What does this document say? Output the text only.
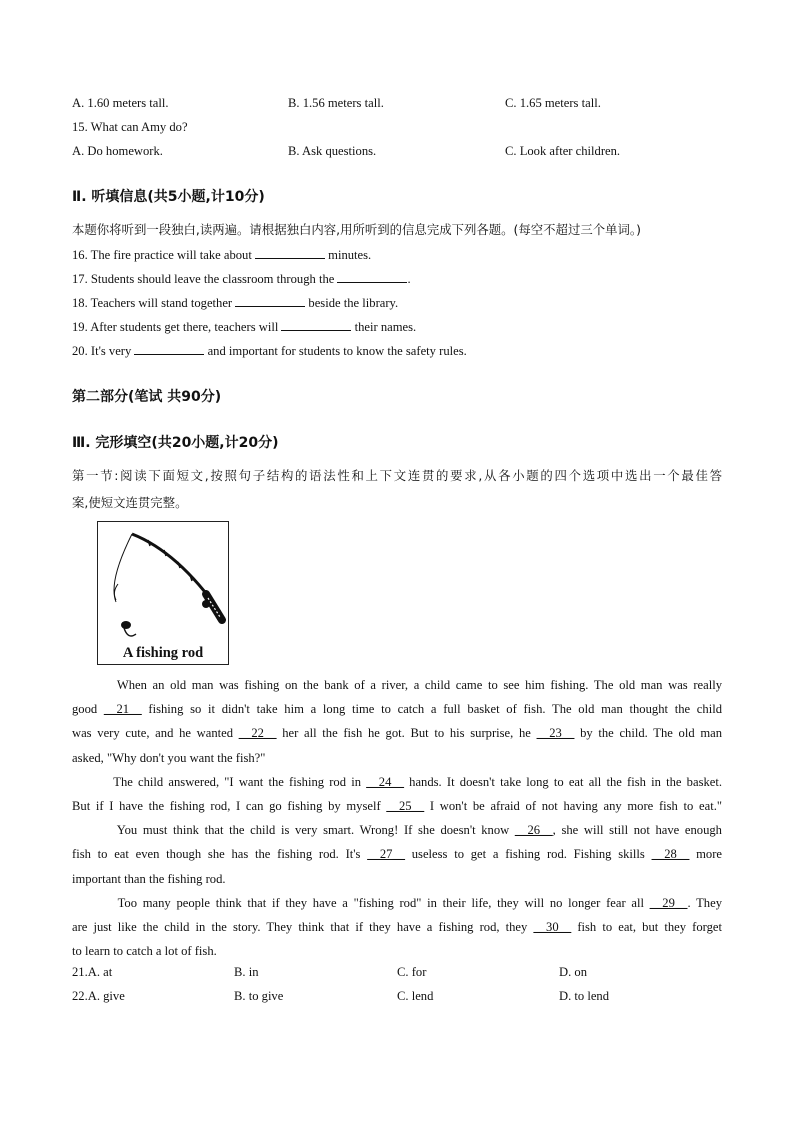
A. 1.60 meters tall.	B. 1.56 meters tall.	C. 1.65 meters tall.
15. What can Amy do?
A. Do homework.	B. Ask questions.	C. Look after children.
Ⅱ. 听填信息(共5小题,计10分)
本题你将听到一段独白,读两遍。请根据独白内容,用所听到的信息完成下列各题。(每空不超过三个单词。)
16. The fire practice will take about	minutes.
17. Students should leave the classroom through the	.
18. Teachers will stand together	beside the library.
19. After students get there, teachers will	their names.
20. It's very	and important for students to know the safety rules.
第二部分(笔试 共90分)
Ⅲ. 完形填空(共20小题,计20分)
第一节:阅读下面短文,按照句子结构的语法性和上下文连贯的要求,从各小题的四个选项中选出一个最佳答
案,使短文连贯完整。
A fishing rod
When an old man was fishing on the bank of a river, a child came to see him fishing. The old man was really
good __21__ fishing so it didn't take him a long time to catch a full basket of fish. The old man thought the child
was very cute, and he wanted __22__ her all the fish he got. But to his surprise, he __23__ by the child. The old man
asked, "Why don't you want the fish?"
The child answered, "I want the fishing rod in __24__ hands. It doesn't take long to eat all the fish in the basket.
But if I have the fishing rod, I can go fishing by myself __25__ I won't be afraid of not having any more fish to eat."
You must think that the child is very smart. Wrong! If she doesn't know __26__, she will still not have enough
fish to eat even though she has the fishing rod. It's __27__ useless to get a fishing rod. Fishing skills __28__ more
important than the fishing rod.
Too many people think that if they have a "fishing rod" in their life, they will no longer fear all __29__. They
are just like the child in the story. They think that if they have a fishing rod, they __30__ fish to eat, but they forget
to learn to catch a lot of fish.
21.A. at	B. in	C. for	D. on
22.A. give	B. to give	C. lend	D. to lend
